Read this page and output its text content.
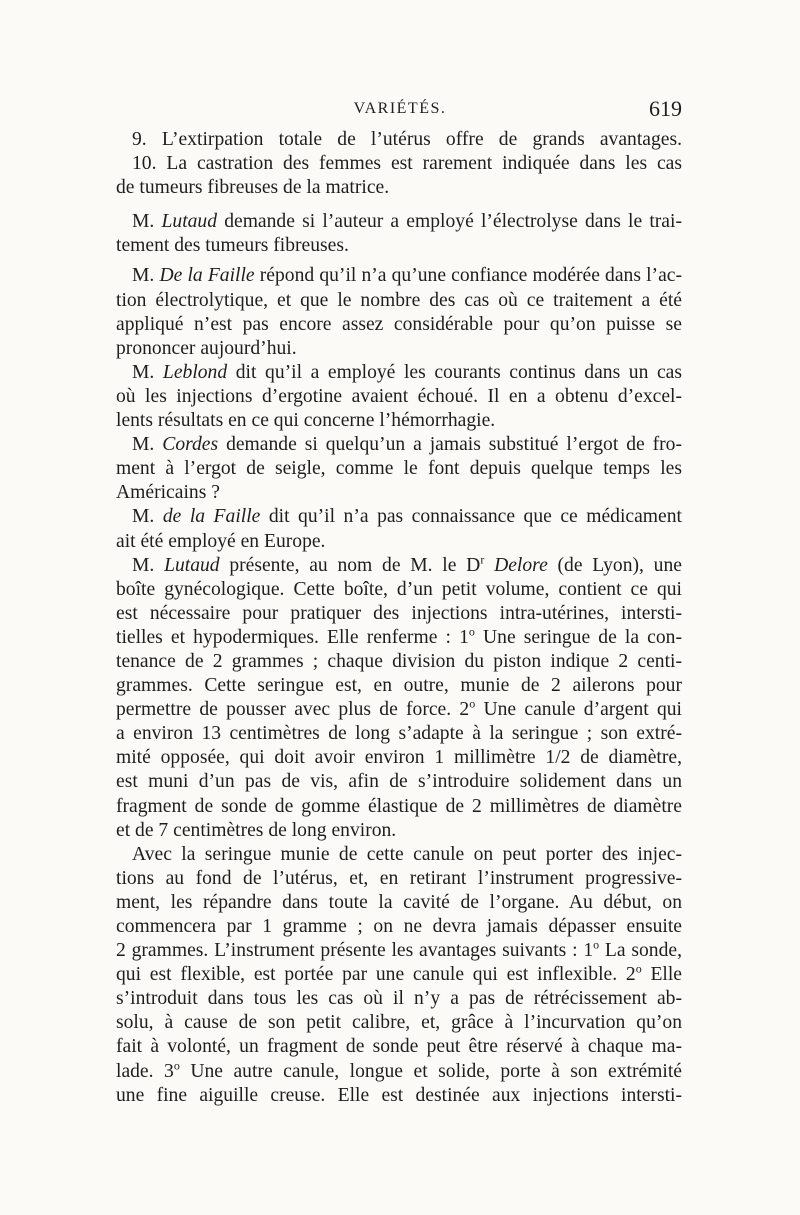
VARIÉTÉS.	619
9. L’extirpation totale de l’utérus offre de grands avantages.
10. La castration des femmes est rarement indiquée dans les cas
de tumeurs fibreuses de la matrice.
M. Lutaud demande si l’auteur a employé l’électrolyse dans le trai-
tement des tumeurs fibreuses.
M. De la Faille répond qu’il n’a qu’une confiance modérée dans l’ac-
tion électrolytique, et que le nombre des cas où ce traitement a été
appliqué n’est pas encore assez considérable pour qu’on puisse se
prononcer aujourd’hui.
M. Leblond dit qu’il a employé les courants continus dans un cas
où les injections d’ergotine avaient échoué. Il en a obtenu d’excel-
lents résultats en ce qui concerne l’hémorrhagie.
M. Cordes demande si quelqu’un a jamais substitué l’ergot de fro-
ment à l’ergot de seigle, comme le font depuis quelque temps les
Américains ?
M. de la Faille dit qu’il n’a pas connaissance que ce médicament
ait été employé en Europe.
M. Lutaud présente, au nom de M. le $D^r$ Delore (de Lyon), une
boîte gynécologique. Cette boîte, d’un petit volume, contient ce qui
est nécessaire pour pratiquer des injections intra-utérines, intersti-
tielles et hypodermiques. Elle renferme : 1$^o$ Une seringue de la con-
tenance de 2 grammes ; chaque division du piston indique 2 centi-
grammes. Cette seringue est, en outre, munie de 2 ailerons pour
permettre de pousser avec plus de force. 2$^o$ Une canule d’argent qui
a environ 13 centimètres de long s’adapte à la seringue ; son extré-
mité opposée, qui doit avoir environ 1 millimètre 1/2 de diamètre,
est muni d’un pas de vis, afin de s’introduire solidement dans un
fragment de sonde de gomme élastique de 2 millimètres de diamètre
et de 7 centimètres de long environ.
Avec la seringue munie de cette canule on peut porter des injec-
tions au fond de l’utérus, et, en retirant l’instrument progressive-
ment, les répandre dans toute la cavité de l’organe. Au début, on
commencera par 1 gramme ; on ne devra jamais dépasser ensuite
2 grammes. L’instrument présente les avantages suivants : 1$^o$ La sonde,
qui est flexible, est portée par une canule qui est inflexible. 2$^o$ Elle
s’introduit dans tous les cas où il n’y a pas de rétrécissement ab-
solu, à cause de son petit calibre, et, grâce à l’incurvation qu’on
fait à volonté, un fragment de sonde peut être réservé à chaque ma-
lade. 3$^o$ Une autre canule, longue et solide, porte à son extrémité
une fine aiguille creuse. Elle est destinée aux injections intersti-
